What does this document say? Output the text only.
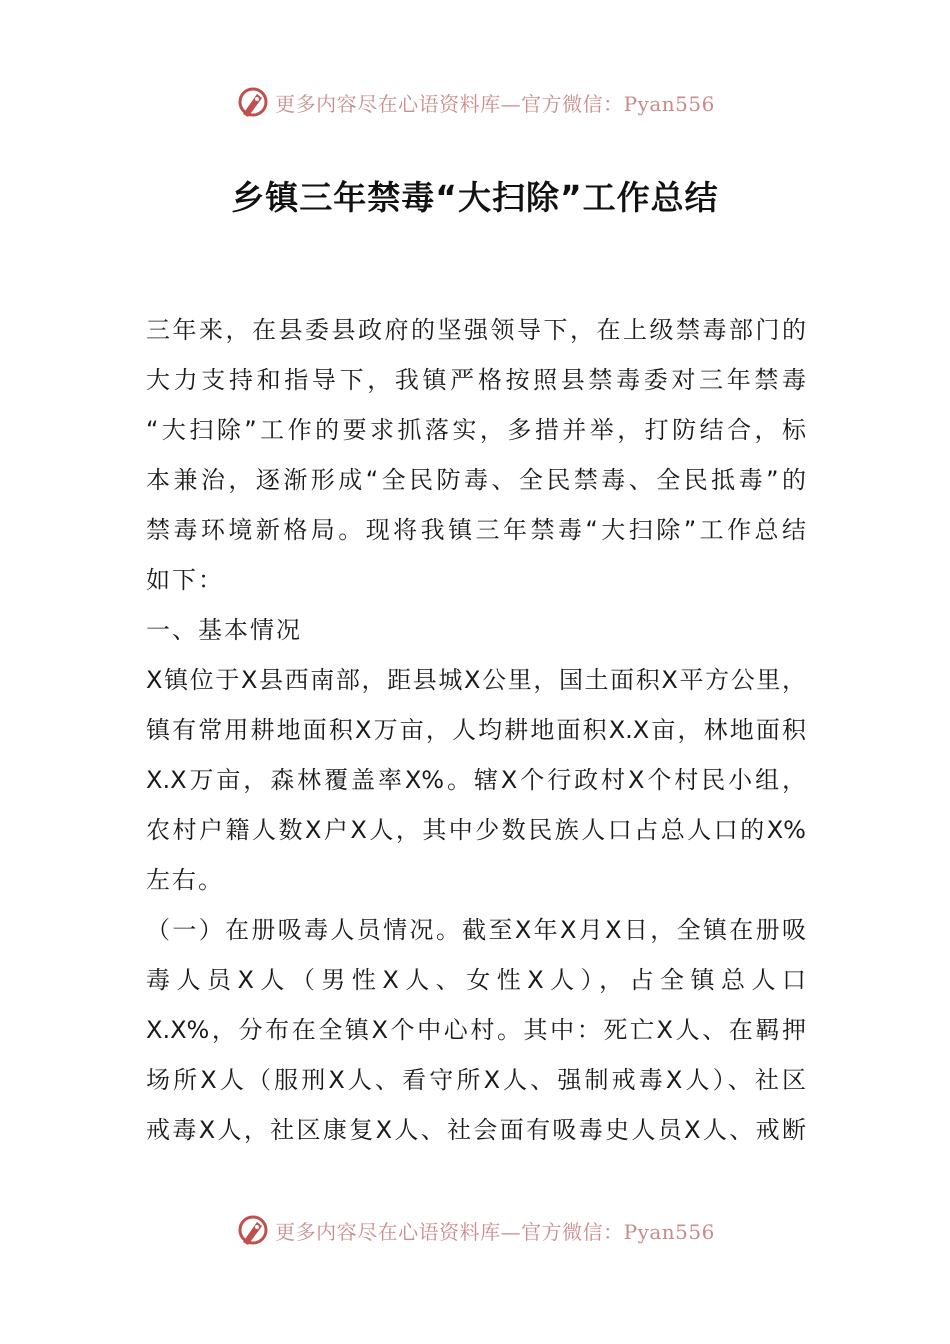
更多内容尽在心语资料库—官方微信：Pyan556
乡镇三年禁毒“大扫除”工作总结
三年来，在县委县政府的坚强领导下，在上级禁毒部门的
大力支持和指导下，我镇严格按照县禁毒委对三年禁毒
“大扫除”工作的要求抓落实，多措并举，打防结合，标
本兼治，逐渐形成“全民防毒、全民禁毒、全民抵毒”的
禁毒环境新格局。现将我镇三年禁毒“大扫除”工作总结
如下：
一、基本情况
X镇位于X县西南部，距县城X公里，国土面积X平方公里，
镇有常用耕地面积X万亩，人均耕地面积X.X亩，林地面积
X.X万亩，森林覆盖率X%。辖X个行政村X个村民小组，
农村户籍人数X户X人，其中少数民族人口占总人口的X%
左右。
（一）在册吸毒人员情况。截至X年X月X日，全镇在册吸
毒人员X人（男性X人、女性X人），占全镇总人口
X.X%，分布在全镇X个中心村。其中：死亡X人、在羁押
场所X人（服刑X人、看守所X人、强制戒毒X人）、社区
戒毒X人，社区康复X人、社会面有吸毒史人员X人、戒断
更多内容尽在心语资料库—官方微信：Pyan556
